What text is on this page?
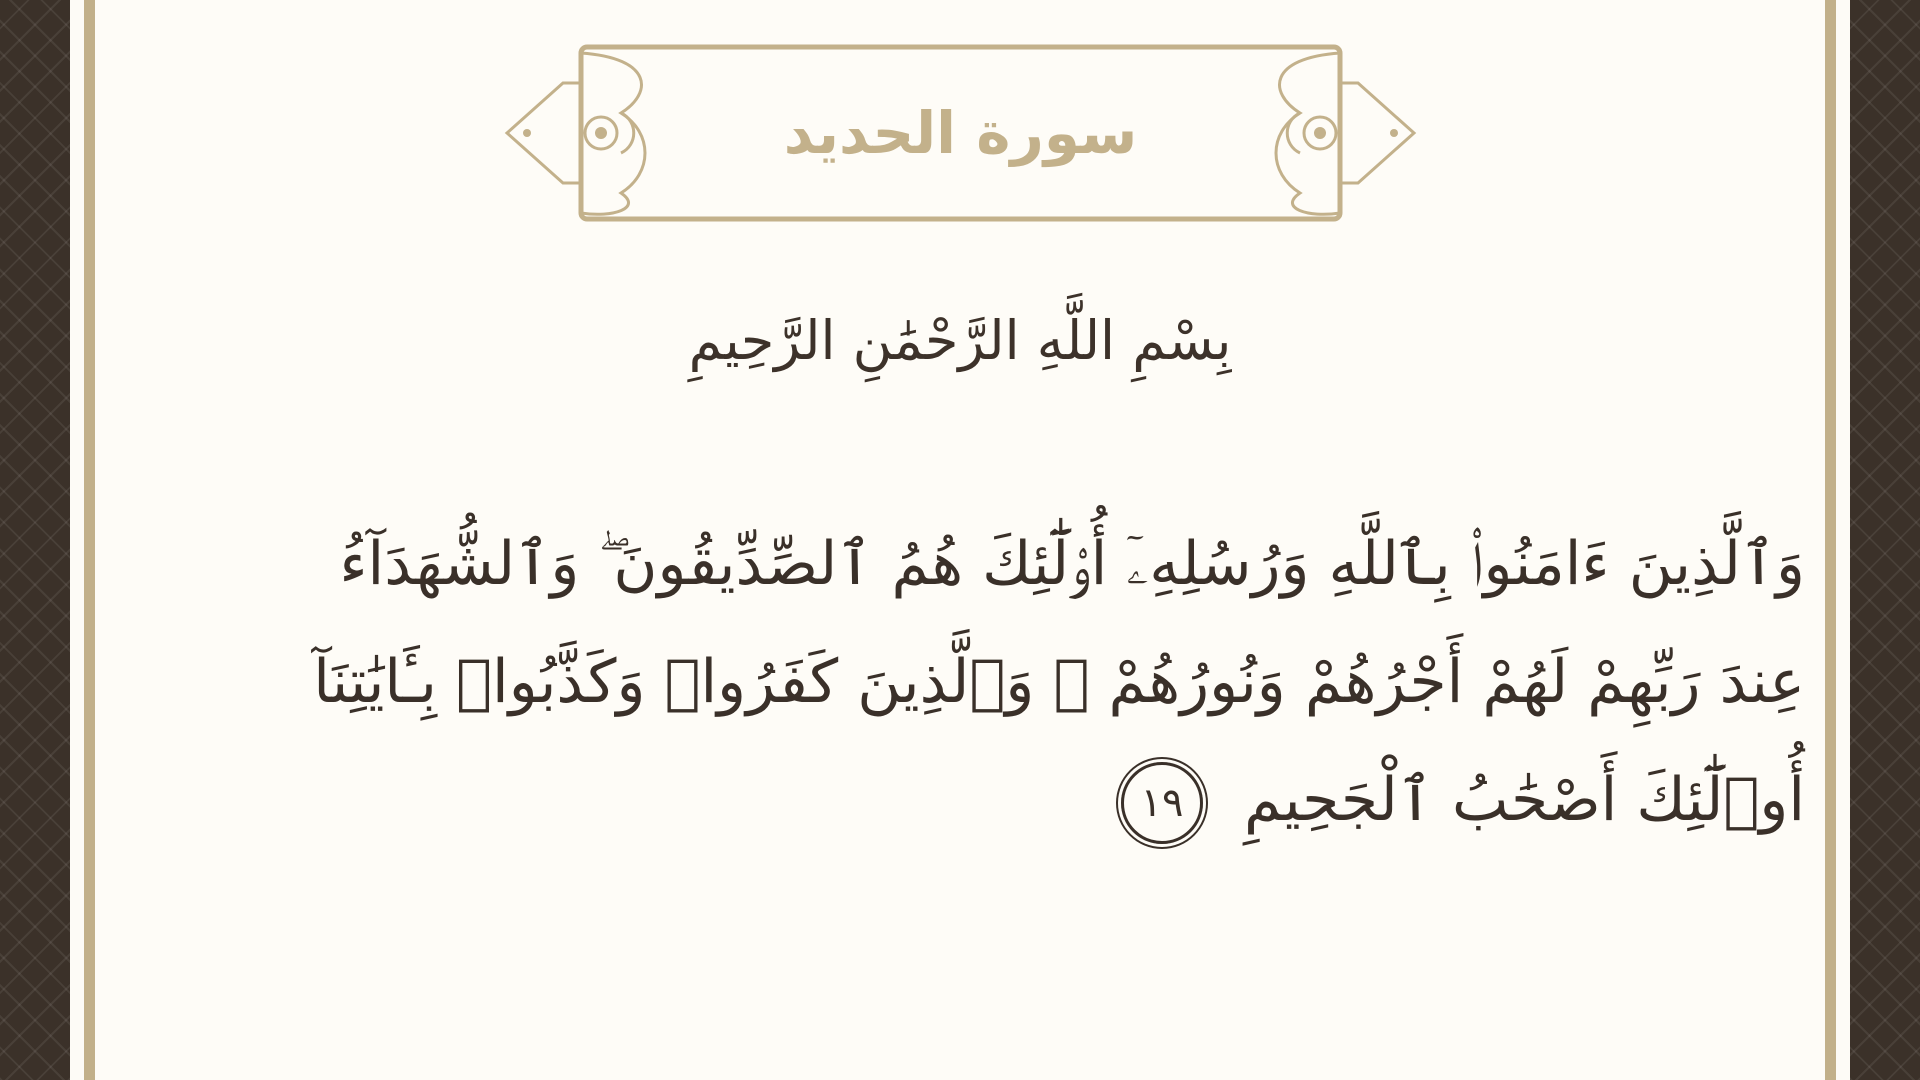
سورة الحديد
بِسْمِ اللَّهِ الرَّحْمَٰنِ الرَّحِيمِ
وَٱلَّذِينَ ءَامَنُوا۟ بِٱللَّهِ وَرُسُلِهِۦٓ أُو۟لَٰٓئِكَ هُمُ ٱلصِّدِّيقُونَ ۖ وَٱلشُّهَدَآءُ
عِندَ رَبِّهِمْ لَهُمْ أَجْرُهُمْ وَنُورُهُمْ ۖ وَٱلَّذِينَ كَفَرُوا۟ وَكَذَّبُوا۟ بِـَٔايَٰتِنَآ
أُو۟لَٰٓئِكَ أَصْحَٰبُ ٱلْجَحِيمِ ١٩
